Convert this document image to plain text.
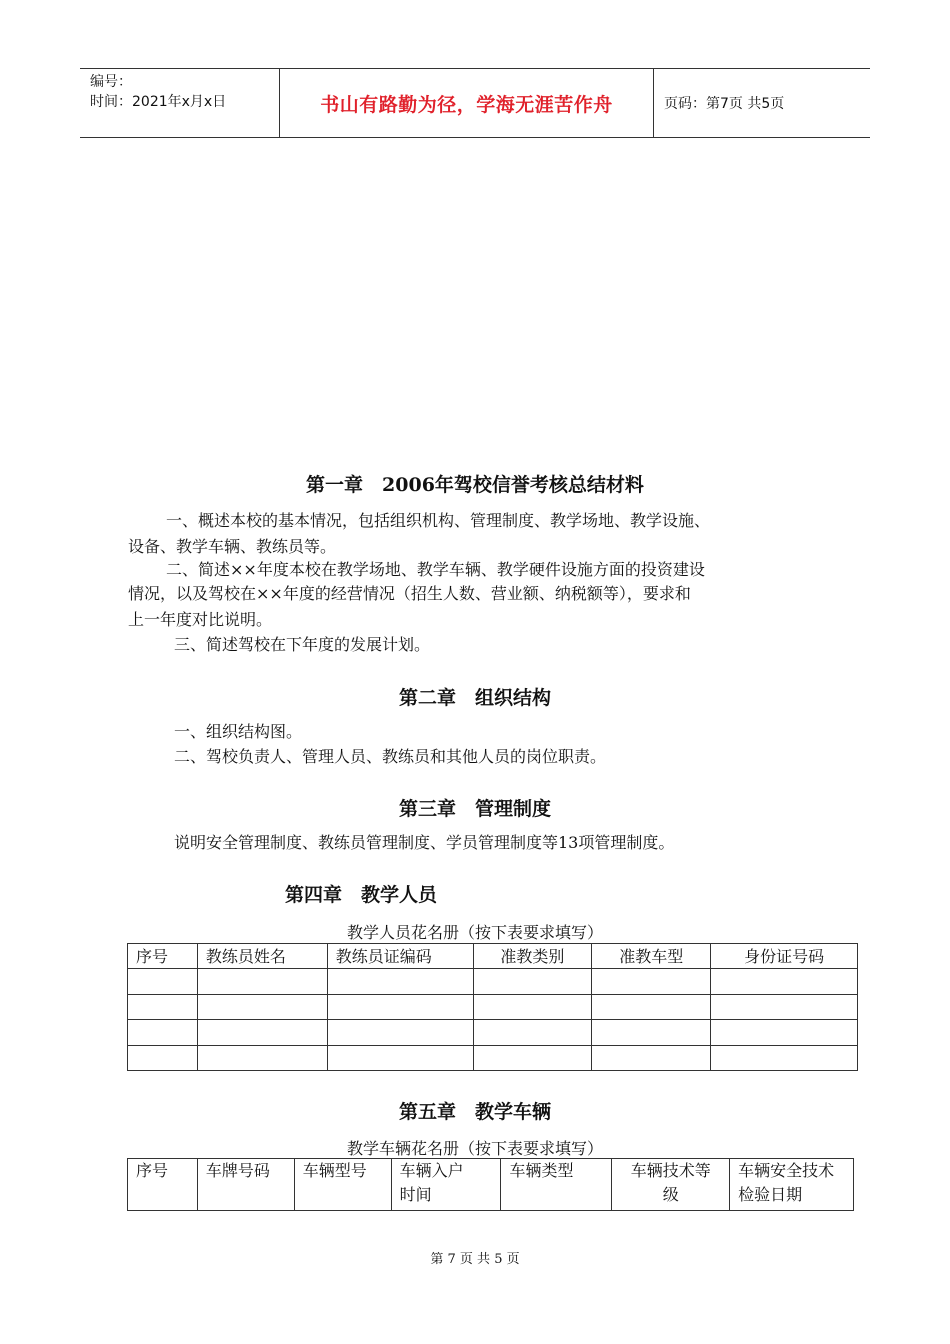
编号：
时间：2021年x月x日	书山有路勤为径，学海无涯苦作舟	页码：第7页 共5页
第一章　2006年驾校信誉考核总结材料
一、概述本校的基本情况，包括组织机构、管理制度、教学场地、教学设施、
设备、教学车辆、教练员等。
二、简述××年度本校在教学场地、教学车辆、教学硬件设施方面的投资建设
情况，以及驾校在××年度的经营情况（招生人数、营业额、纳税额等），要求和
上一年度对比说明。
三、简述驾校在下年度的发展计划。
第二章　组织结构
一、组织结构图。
二、驾校负责人、管理人员、教练员和其他人员的岗位职责。
第三章　管理制度
说明安全管理制度、教练员管理制度、学员管理制度等13项管理制度。
第四章　教学人员
教学人员花名册（按下表要求填写）
序号	教练员姓名	教练员证编码	准教类别	准教车型	身份证号码

第五章　教学车辆
教学车辆花名册（按下表要求填写）
序号	车牌号码	车辆型号	车辆入户时间	车辆类型	车辆技术等级	车辆安全技术检验日期
第 7 页 共 5 页
